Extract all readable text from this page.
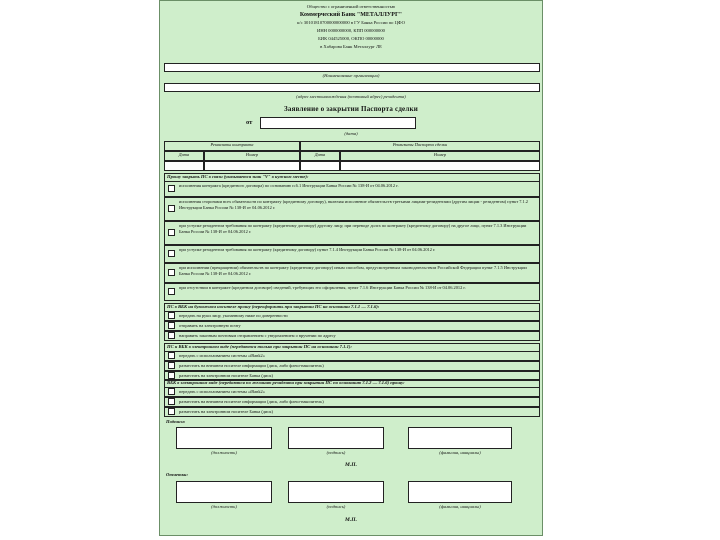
Общество с ограниченной ответственностью
Коммерческий Банк "МЕТАЛЛУРГ"
к/с 30101810700000000000 в ГУ Банка России по ЦФО
ИНН 0000000000, КПП 000000000
БИК 044525000, ОКПО 00000000
в Хабарова Банк Металлург ЛЕ
(Наименование организации)
(адрес местонахождения (почтовый адрес) резидента)
Заявление о закрытии Паспорта сделки
от
(дата)
Реквизиты контракта	Реквизиты Паспорта сделки
Дата	Номер	Дата	Номер
Прошу закрыть ПС в связи (указывается знак "V" в нужном месте):
исполнения контракта (кредитного договора) по основанию п.6.1 Инструкции Банка России № 138-И от 04.06.2012 г.
исполнения сторонами всех обязательств по контракту (кредитному договору), включая исполнение обязательств третьими лицами-резидентами (другим лицам - резидентом) пункт 7.1.2 Инструкции Банка России № 138-И от 04.06.2012 г.
при уступке резидентом требования по контракту (кредитному договору) другому лицу, при переводе долга по контракту (кредитному договору) на другое лицо, пункт 7.1.3 Инструкции Банка России № 138-И от 04.06.2012 г.
при уступке резидентом требования по контракту (кредитному договору) пункт 7.1.4 Инструкции Банка России № 138-И от 04.06.2012 г.
при исполнении (прекращении) обязательств по контракту (кредитному договору) иным способом, предусмотренным законодательством Российской Федерации пункт 7.1.5 Инструкции Банка России № 138-И от 04.06.2012 г.
при отсутствии в контракте (кредитном договоре) сведений, требующих его оформления, пункт 7.1.6 Инструкции Банка России № 138-И от 04.06.2012 г.
ПС в ВБК на бумажном носителе прошу (переоформить при закрытии ПС на основании 7.1.1 — 7.1.6):
передать на руки лицу, указанному ниже по доверенности
отправить на электронную почту
направить заказным почтовым отправлением с уведомлением о вручении по адресу
ПС и ВБК в электронном виде (передаются только при закрытии ПС на основании 7.1.1):
передать с использованием системы «iBank2»
разместить на внешнем носителе информации (диск, либо флеш-накопитель)
разместить на электронном носителе Банка (диск)
ВБК в электронном виде (передаются по желанию резидента при закрытии ПС по основанию 7.1.2 — 7.1.6) прошу:
передать с использованием системы «iBank2»
разместить на внешнем носителе информации (диск, либо флеш-накопитель)
разместить на электронном носителе Банка (диск)
Подписи:
(должность)	(подпись)	(фамилия, инициалы)
М.П.
Отметки:
(должность)	(подпись)	(фамилия, инициалы)
М.П.
